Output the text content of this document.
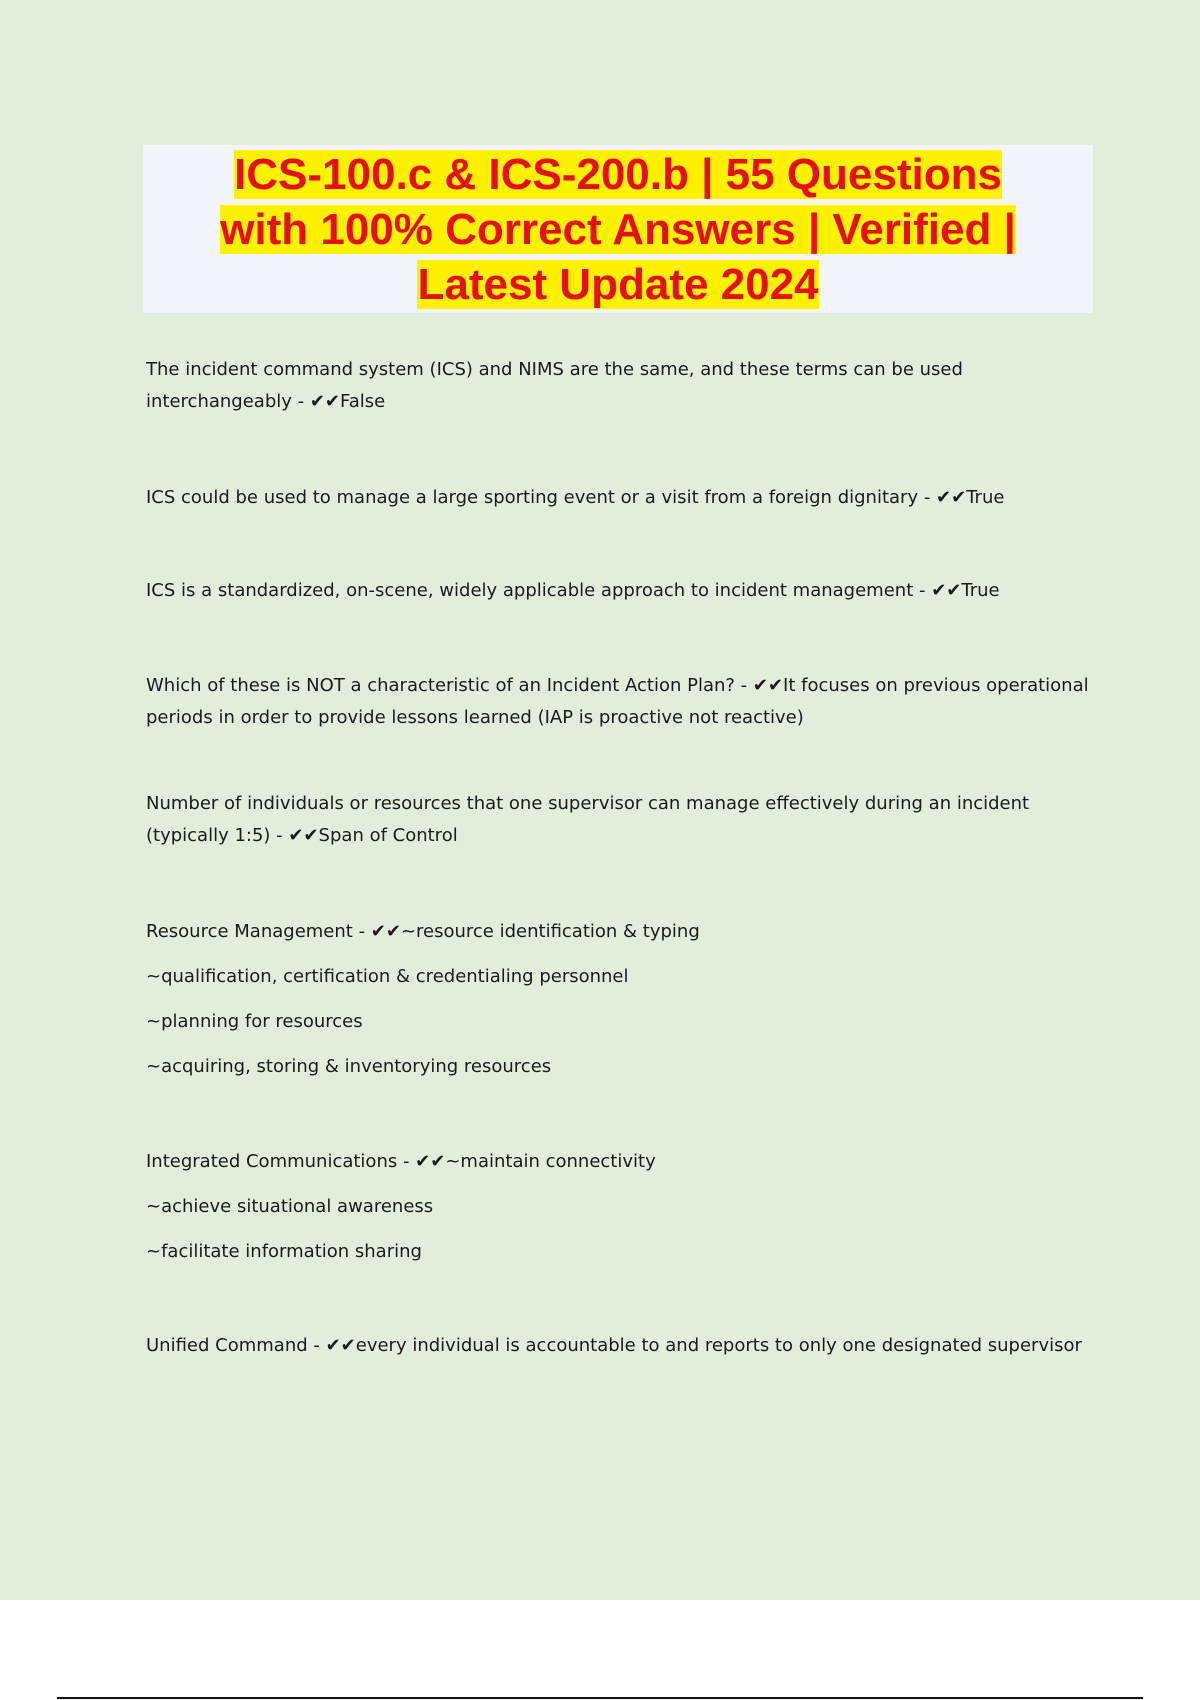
ICS-100.c & ICS-200.b | 55 Questions
with 100% Correct Answers | Verified |
Latest Update 2024

The incident command system (ICS) and NIMS are the same, and these terms can be used
interchangeably - ✔✔False

ICS could be used to manage a large sporting event or a visit from a foreign dignitary - ✔✔True

ICS is a standardized, on-scene, widely applicable approach to incident management - ✔✔True

Which of these is NOT a characteristic of an Incident Action Plan? - ✔✔It focuses on previous operational
periods in order to provide lessons learned (IAP is proactive not reactive)

Number of individuals or resources that one supervisor can manage effectively during an incident
(typically 1:5) - ✔✔Span of Control

Resource Management - ✔✔~resource identification & typing
~qualification, certification & credentialing personnel
~planning for resources
~acquiring, storing & inventorying resources

Integrated Communications - ✔✔~maintain connectivity
~achieve situational awareness
~facilitate information sharing

Unified Command - ✔✔every individual is accountable to and reports to only one designated supervisor
